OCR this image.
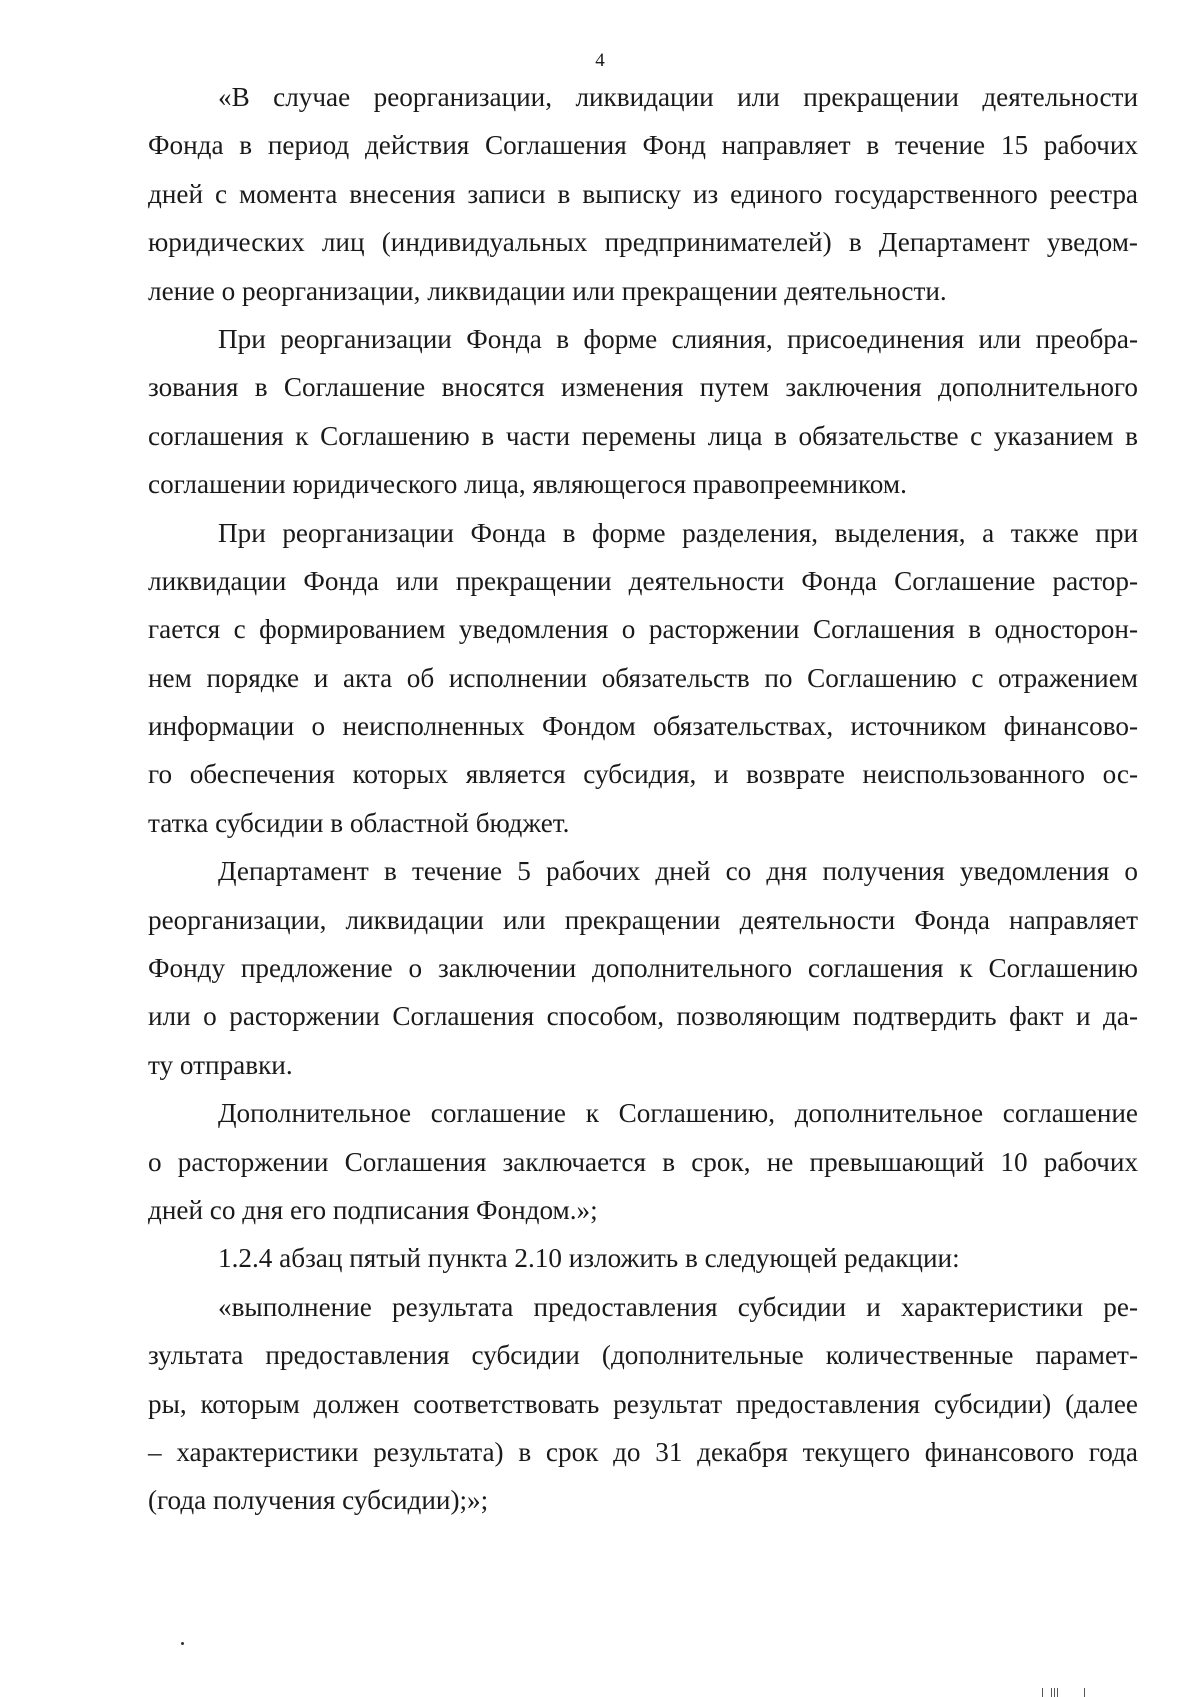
4
«В случае реорганизации, ликвидации или прекращении деятельности
Фонда в период действия Соглашения Фонд направляет в течение 15 рабочих
дней с момента внесения записи в выписку из единого государственного реестра
юридических лиц (индивидуальных предпринимателей) в Департамент уведом-
ление о реорганизации, ликвидации или прекращении деятельности.
При реорганизации Фонда в форме слияния, присоединения или преобра-
зования в Соглашение вносятся изменения путем заключения дополнительного
соглашения к Соглашению в части перемены лица в обязательстве с указанием в
соглашении юридического лица, являющегося правопреемником.
При реорганизации Фонда в форме разделения, выделения, а также при
ликвидации Фонда или прекращении деятельности Фонда Соглашение растор-
гается с формированием уведомления о расторжении Соглашения в односторон-
нем порядке и акта об исполнении обязательств по Соглашению с отражением
информации о неисполненных Фондом обязательствах, источником финансово-
го обеспечения которых является субсидия, и возврате неиспользованного ос-
татка субсидии в областной бюджет.
Департамент в течение 5 рабочих дней со дня получения уведомления о
реорганизации, ликвидации или прекращении деятельности Фонда направляет
Фонду предложение о заключении дополнительного соглашения к Соглашению
или о расторжении Соглашения способом, позволяющим подтвердить факт и да-
ту отправки.
Дополнительное соглашение к Соглашению, дополнительное соглашение
о расторжении Соглашения заключается в срок, не превышающий 10 рабочих
дней со дня его подписания Фондом.»;
1.2.4 абзац пятый пункта 2.10 изложить в следующей редакции:
«выполнение результата предоставления субсидии и характеристики ре-
зультата предоставления субсидии (дополнительные количественные парамет-
ры, которым должен соответствовать результат предоставления субсидии) (далее
– характеристики результата) в срок до 31 декабря текущего финансового года
(года получения субсидии);»;
